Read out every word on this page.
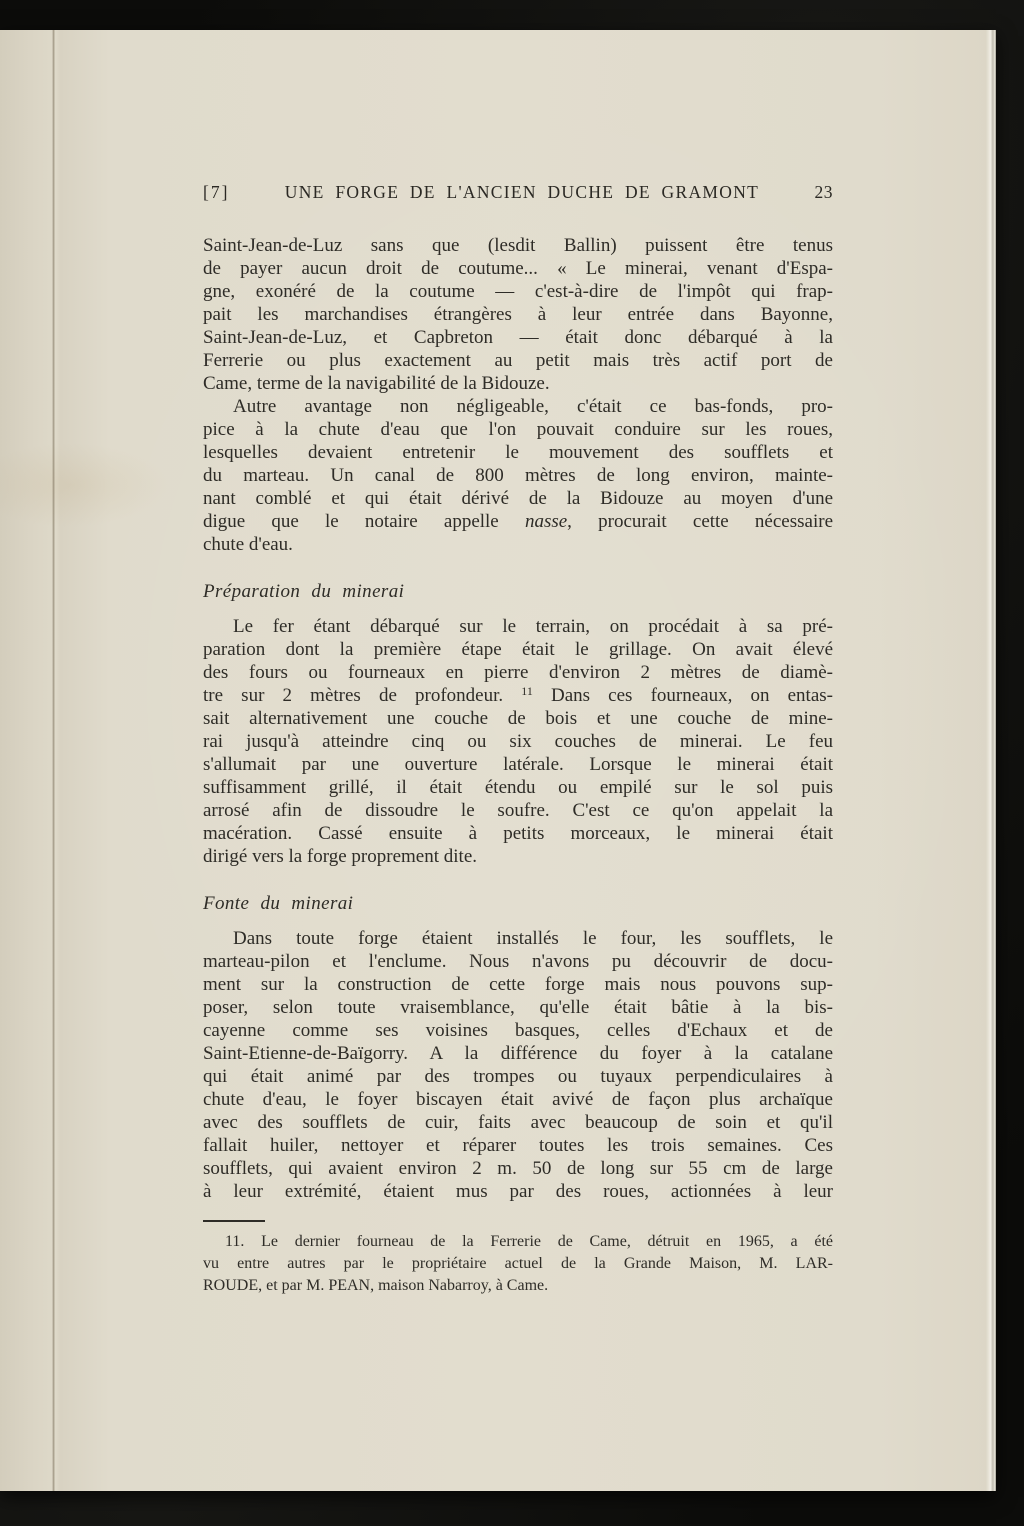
[7]	UNE FORGE DE L'ANCIEN DUCHE DE GRAMONT	23
Saint-Jean-de-Luz sans que (lesdit Ballin) puissent être tenus
de payer aucun droit de coutume... « Le minerai, venant d'Espa-
gne, exonéré de la coutume — c'est-à-dire de l'impôt qui frap-
pait les marchandises étrangères à leur entrée dans Bayonne,
Saint-Jean-de-Luz, et Capbreton — était donc débarqué à la
Ferrerie ou plus exactement au petit mais très actif port de
Came, terme de la navigabilité de la Bidouze.
Autre avantage non négligeable, c'était ce bas-fonds, pro-
pice à la chute d'eau que l'on pouvait conduire sur les roues,
lesquelles devaient entretenir le mouvement des soufflets et
du marteau. Un canal de 800 mètres de long environ, mainte-
nant comblé et qui était dérivé de la Bidouze au moyen d'une
digue que le notaire appelle nasse, procurait cette nécessaire
chute d'eau.
Préparation du minerai
Le fer étant débarqué sur le terrain, on procédait à sa pré-
paration dont la première étape était le grillage. On avait élevé
des fours ou fourneaux en pierre d'environ 2 mètres de diamè-
tre sur 2 mètres de profondeur. $^{11}$ Dans ces fourneaux, on entas-
sait alternativement une couche de bois et une couche de mine-
rai jusqu'à atteindre cinq ou six couches de minerai. Le feu
s'allumait par une ouverture latérale. Lorsque le minerai était
suffisamment grillé, il était étendu ou empilé sur le sol puis
arrosé afin de dissoudre le soufre. C'est ce qu'on appelait la
macération. Cassé ensuite à petits morceaux, le minerai était
dirigé vers la forge proprement dite.
Fonte du minerai
Dans toute forge étaient installés le four, les soufflets, le
marteau-pilon et l'enclume. Nous n'avons pu découvrir de docu-
ment sur la construction de cette forge mais nous pouvons sup-
poser, selon toute vraisemblance, qu'elle était bâtie à la bis-
cayenne comme ses voisines basques, celles d'Echaux et de
Saint-Etienne-de-Baïgorry. A la différence du foyer à la catalane
qui était animé par des trompes ou tuyaux perpendiculaires à
chute d'eau, le foyer biscayen était avivé de façon plus archaïque
avec des soufflets de cuir, faits avec beaucoup de soin et qu'il
fallait huiler, nettoyer et réparer toutes les trois semaines. Ces
soufflets, qui avaient environ 2 m. 50 de long sur 55 cm de large
à leur extrémité, étaient mus par des roues, actionnées à leur
11. Le dernier fourneau de la Ferrerie de Came, détruit en 1965, a été
vu entre autres par le propriétaire actuel de la Grande Maison, M. LAR-
ROUDE, et par M. PEAN, maison Nabarroy, à Came.
